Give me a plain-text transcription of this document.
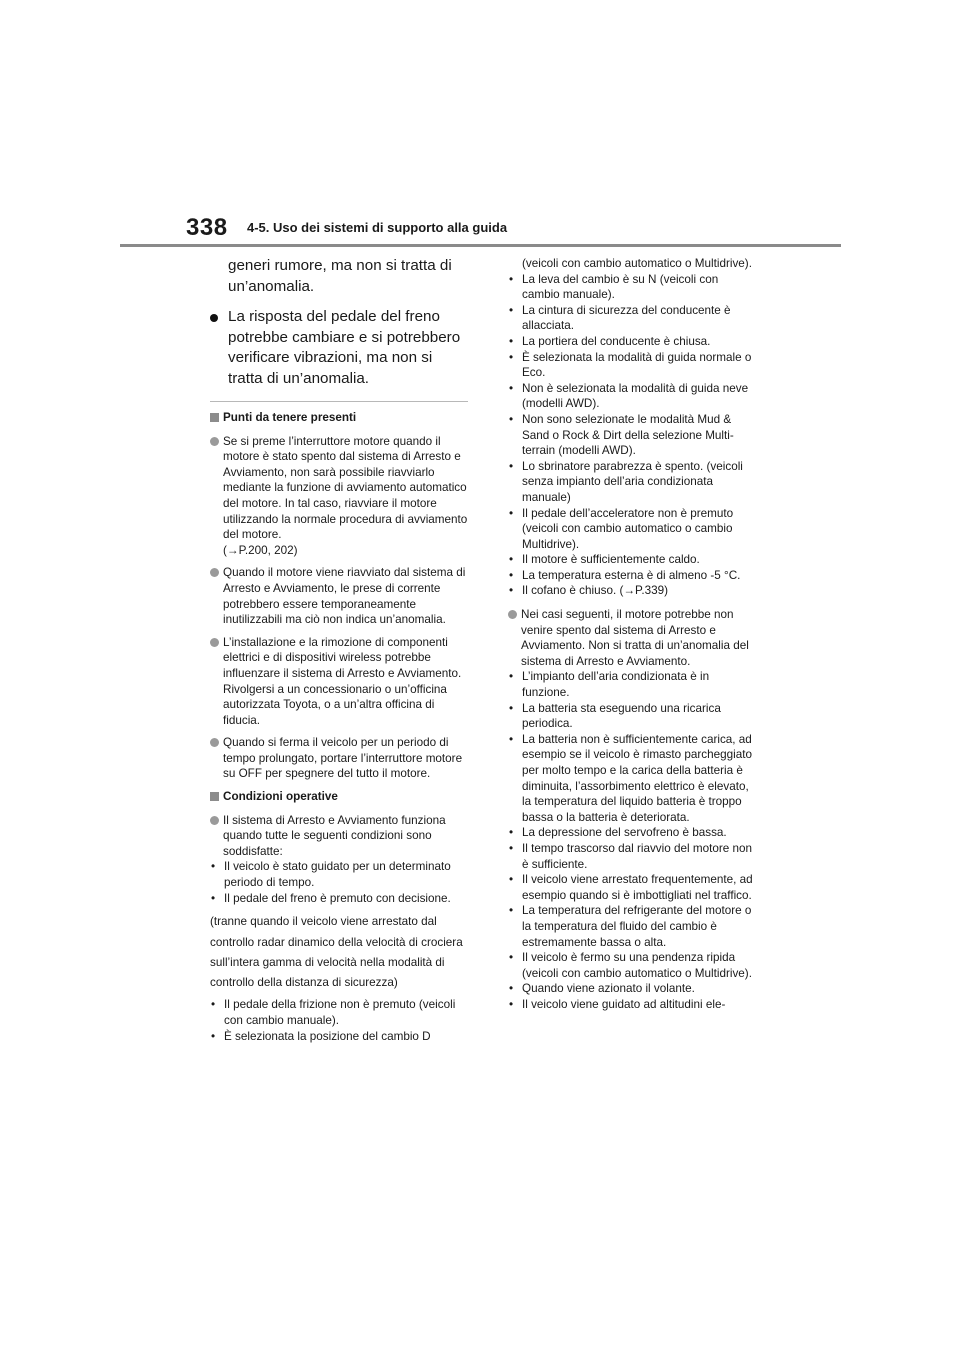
338 4-5. Uso dei sistemi di supporto alla guida

generi rumore, ma non si tratta di un’anomalia.

La risposta del pedale del freno potrebbe cambiare e si potrebbero verificare vibrazioni, ma non si tratta di un’anomalia.
Punti da tenere presenti
Se si preme l’interruttore motore quando il motore è stato spento dal sistema di Arresto e Avviamento, non sarà possibile riavviarlo mediante la funzione di avviamento automatico del motore. In tal caso, riavviare il motore utilizzando la normale procedura di avviamento del motore.
(→P.200, 202)
Quando il motore viene riavviato dal sistema di Arresto e Avviamento, le prese di corrente potrebbero essere temporaneamente inutilizzabili ma ciò non indica un’anomalia.
L’installazione e la rimozione di componenti elettrici e di dispositivi wireless potrebbe influenzare il sistema di Arresto e Avviamento. Rivolgersi a un concessionario o un’officina autorizzata Toyota, o a un’altra officina di fiducia.
Quando si ferma il veicolo per un periodo di tempo prolungato, portare l’interruttore motore su OFF per spegnere del tutto il motore.
Condizioni operative
Il sistema di Arresto e Avviamento funziona quando tutte le seguenti condizioni sono soddisfatte:
• Il veicolo è stato guidato per un determinato periodo di tempo.
• Il pedale del freno è premuto con decisione.

(tranne quando il veicolo viene arrestato dal controllo radar dinamico della velocità di crociera sull’intera gamma di velocità nella modalità di controllo della distanza di sicurezza)

• Il pedale della frizione non è premuto (veicoli con cambio manuale).
• È selezionata la posizione del cambio D

(veicoli con cambio automatico o Multidrive).

• La leva del cambio è su N (veicoli con cambio manuale).
• La cintura di sicurezza del conducente è allacciata.
• La portiera del conducente è chiusa.
• È selezionata la modalità di guida normale o Eco.
• Non è selezionata la modalità di guida neve (modelli AWD).
• Non sono selezionate le modalità Mud & Sand o Rock & Dirt della selezione Multi-terrain (modelli AWD).
• Lo sbrinatore parabrezza è spento. (veicoli senza impianto dell’aria condizionata manuale)
• Il pedale dell’acceleratore non è premuto (veicoli con cambio automatico o cambio Multidrive).
• Il motore è sufficientemente caldo.
• La temperatura esterna è di almeno -5 °C.
• Il cofano è chiuso. (→P.339)
Nei casi seguenti, il motore potrebbe non venire spento dal sistema di Arresto e Avviamento. Non si tratta di un’anomalia del sistema di Arresto e Avviamento.
• L’impianto dell’aria condizionata è in funzione.
• La batteria sta eseguendo una ricarica periodica.
• La batteria non è sufficientemente carica, ad esempio se il veicolo è rimasto parcheggiato per molto tempo e la carica della batteria è diminuita, l’assorbimento elettrico è elevato, la temperatura del liquido batteria è troppo bassa o la batteria è deteriorata.
• La depressione del servofreno è bassa.
• Il tempo trascorso dal riavvio del motore non è sufficiente.
• Il veicolo viene arrestato frequentemente, ad esempio quando si è imbottigliati nel traffico.
• La temperatura del refrigerante del motore o la temperatura del fluido del cambio è estremamente bassa o alta.
• Il veicolo è fermo su una pendenza ripida (veicoli con cambio automatico o Multidrive).
• Quando viene azionato il volante.
• Il veicolo viene guidato ad altitudini ele-
